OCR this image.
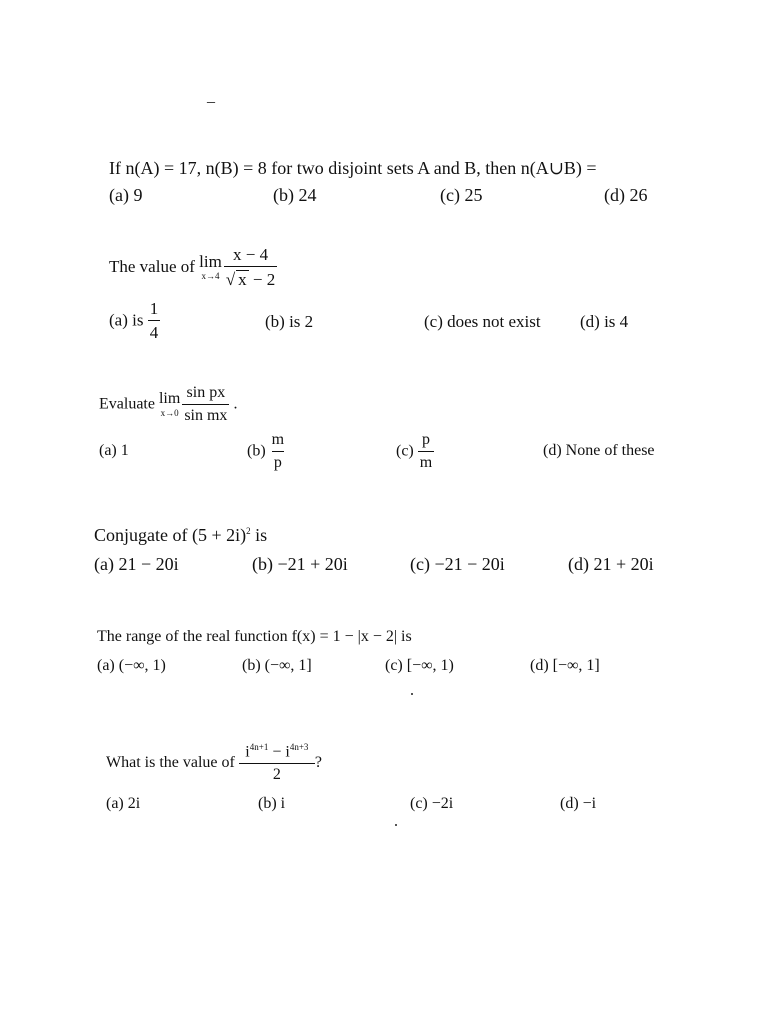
_
If n(A) = 17, n(B) = 8 for two disjoint sets A and B, then n(A∪B) =
(a) 9	(b) 24	(c) 25	(d) 26
The value of lim
$x\to 4 \frac{x - 4}{√ x - 2}$
(a) is $\frac{1}{4}$	(b) is 2	(c) does not exist (d) is 4
Evaluate lim
$x\to 0 \frac{\text{sin px}}{\text{sin mx}}$ .
(a) 1	$(b) \frac{m}{p}$	$(c) \frac{p}{m}$	(d) None of these
Conjugate of $(5 + 2i)^2$ is
(a) 21 − 20i	(b) −21 + 20i	(c) −21 − 20i	(d) 21 + 20i
The range of the real function f(x) = 1 − |x − 2| is
(a) (−∞, 1)	(b) (−∞, 1]	(c) [−∞, 1)	(d) [−∞, 1]
What is the value of $\frac{i^{4n+1} - i^{4n+3}}{2}$ ?
(a) 2i	(b) i	(c) −2i	(d) −i
